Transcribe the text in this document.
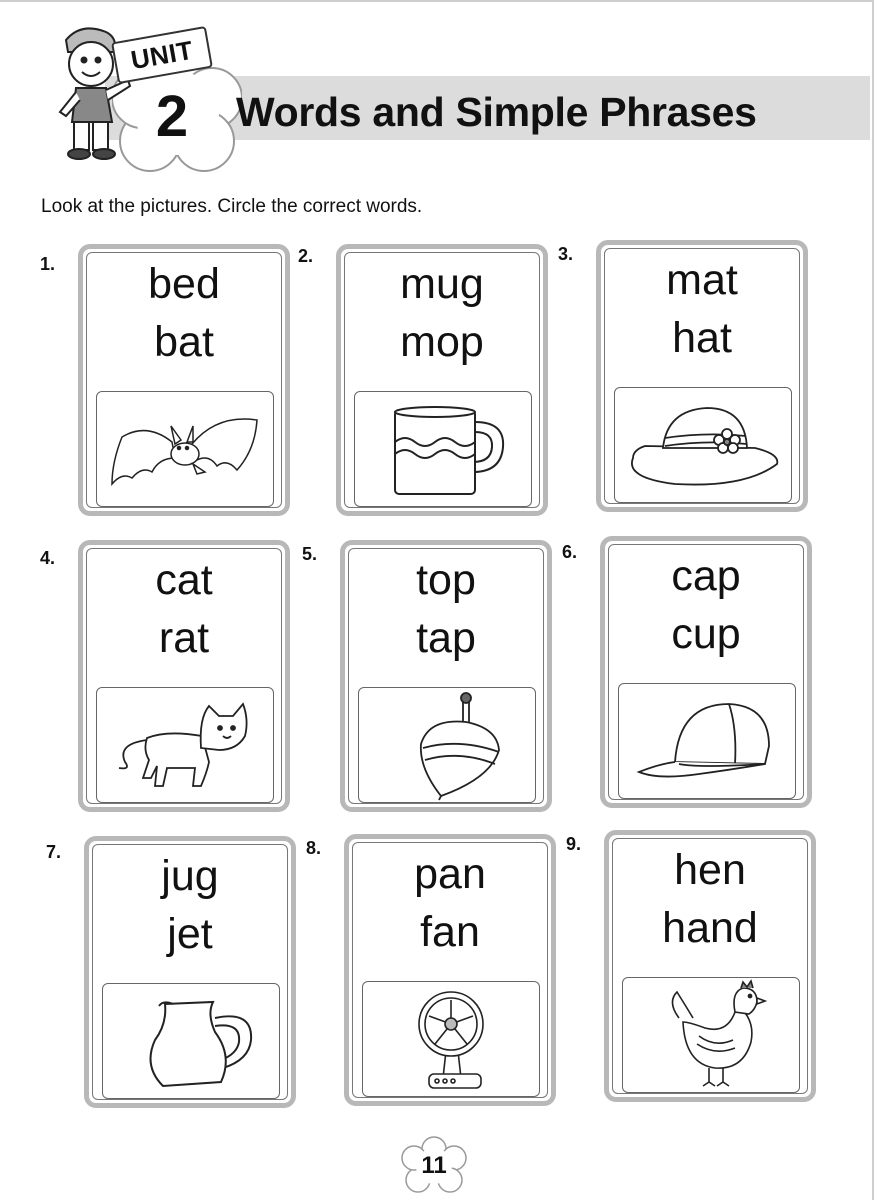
UNIT
2	Words and Simple Phrases
Look at the pictures. Circle the correct words.
1.	bed
bat
2.
mug
mop
3.
mat
hat
4.	cat
rat
5.
top
tap
6.	cap
cup
7.	jug
jet
8.
pan
fan
9.
hen
hand
11
